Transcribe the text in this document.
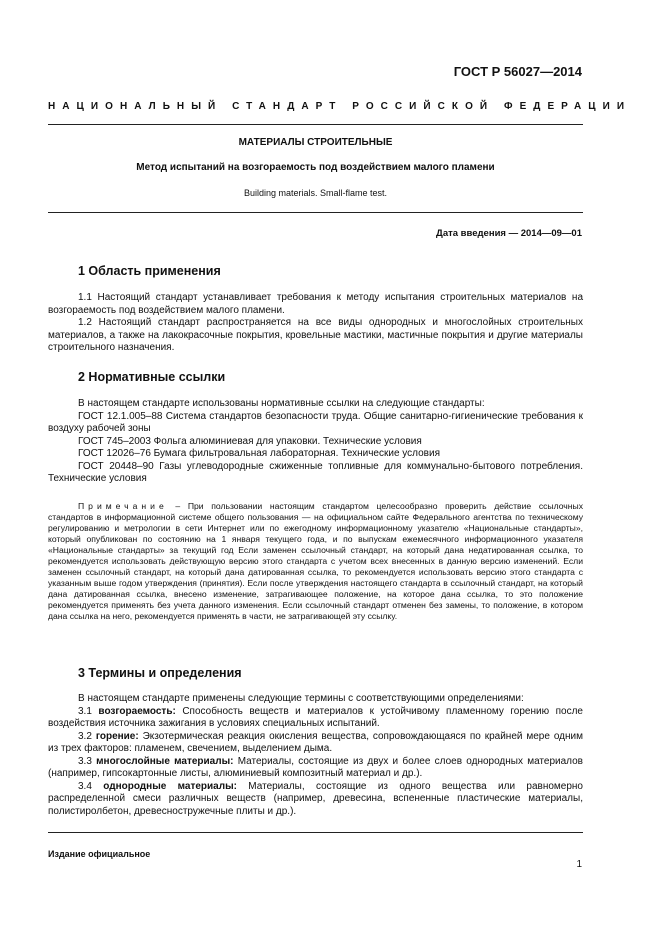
ГОСТ Р 56027—2014
НАЦИОНАЛЬНЫЙ СТАНДАРТ РОССИЙСКОЙ ФЕДЕРАЦИИ
МАТЕРИАЛЫ СТРОИТЕЛЬНЫЕ
Метод испытаний на возгораемость под воздействием малого пламени
Building materials. Small-flame test.
Дата введения — 2014—09—01
1 Область применения

1.1 Настоящий стандарт устанавливает требования к методу испытания строительных материалов на возгораемость под воздействием малого пламени.

1.2 Настоящий стандарт распространяется на все виды однородных и многослойных строительных материалов, а также на лакокрасочные покрытия, кровельные мастики, мастичные покрытия и другие материалы строительного назначения.

2 Нормативные ссылки

В настоящем стандарте использованы нормативные ссылки на следующие стандарты:

ГОСТ 12.1.005–88 Система стандартов безопасности труда. Общие санитарно-гигиенические требования к воздуху рабочей зоны

ГОСТ 745–2003 Фольга алюминиевая для упаковки. Технические условия

ГОСТ 12026–76 Бумага фильтровальная лабораторная. Технические условия

ГОСТ 20448–90 Газы углеводородные сжиженные топливные для коммунально-бытового потребления. Технические условия

Примечание – При пользовании настоящим стандартом целесообразно проверить действие ссылочных стандартов в информационной системе общего пользования — на официальном сайте Федерального агентства по техническому регулированию и метрологии в сети Интернет или по ежегодному информационному указателю «Национальные стандарты», который опубликован по состоянию на 1 января текущего года, и по выпускам ежемесячного информационного указателя «Национальные стандарты» за текущий год Если заменен ссылочный стандарт, на который дана недатированная ссылка, то рекомендуется использовать действующую версию этого стандарта с учетом всех внесенных в данную версию изменений. Если заменен ссылочный стандарт, на который дана датированная ссылка, то рекомендуется использовать версию этого стандарта с указанным выше годом утверждения (принятия). Если после утверждения настоящего стандарта в ссылочный стандарт, на который дана датированная ссылка, внесено изменение, затрагивающее положение, на которое дана ссылка, то это положение рекомендуется применять без учета данного изменения. Если ссылочный стандарт отменен без замены, то положение, в котором дана ссылка на него, рекомендуется применять в части, не затрагивающей эту ссылку.

3 Термины и определения

В настоящем стандарте применены следующие термины с соответствующими определениями:

3.1 возгораемость: Способность веществ и материалов к устойчивому пламенному горению после воздействия источника зажигания в условиях специальных испытаний.

3.2 горение: Экзотермическая реакция окисления вещества, сопровождающаяся по крайней мере одним из трех факторов: пламенем, свечением, выделением дыма.

3.3 многослойные материалы: Материалы, состоящие из двух и более слоев однородных материалов (например, гипсокартонные листы, алюминиевый композитный материал и др.).

3.4 однородные материалы: Материалы, состоящие из одного вещества или равномерно распределенной смеси различных веществ (например, древесина, вспененные пластические материалы, полистиролбетон, древесностружечные плиты и др.).

Издание официальное
1
